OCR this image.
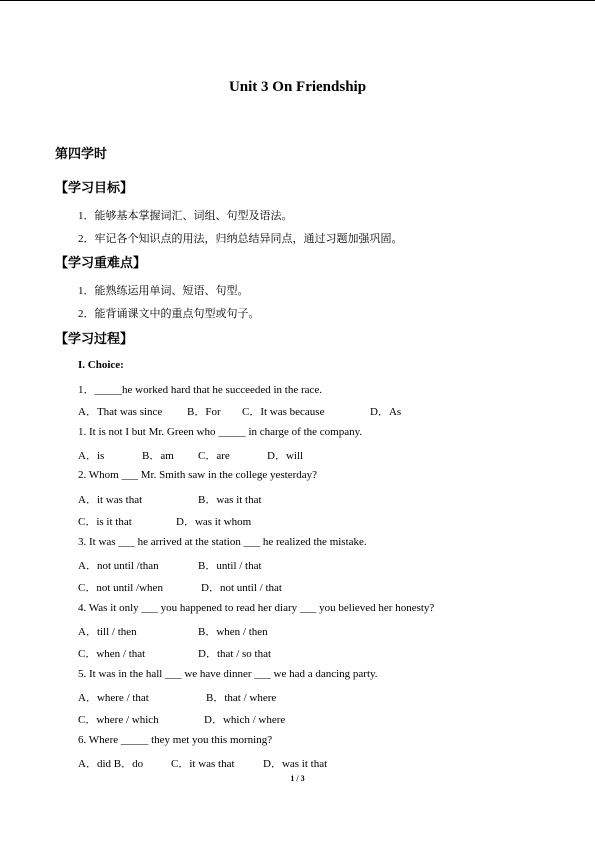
Unit 3 On Friendship
第四学时
【学习目标】
1．能够基本掌握词汇、词组、句型及语法。
2．牢记各个知识点的用法，归纳总结异同点，通过习题加强巩固。
【学习重难点】
1．能熟练运用单词、短语、句型。
2．能背诵课文中的重点句型或句子。
【学习过程】
I. Choice:
1．_____he worked hard that he succeeded in the race.
A．That was since B．For C．It was because	D．As
1. It is not I but Mr. Green who _____ in charge of the company.
A．is	B．am C．are	D．will
2. Whom ___ Mr. Smith saw in the college yesterday?
A．it was that	B．was it that
C．is it that	D．was it whom
3. It was ___ he arrived at the station ___ he realized the mistake.
A．not until /than	B．until / that
C．not until /when	D．not until / that
4. Was it only ___ you happened to read her diary ___ you believed her honesty?
A．till / then	B．when / then
C．when / that	D．that / so that
5. It was in the hall ___ we have dinner ___ we had a dancing party.
A．where / that	B．that / where
C．where / which	D．which / where
6. Where _____ they met you this morning?
A．did B．do	C．it was that	D．was it that
1 / 3
